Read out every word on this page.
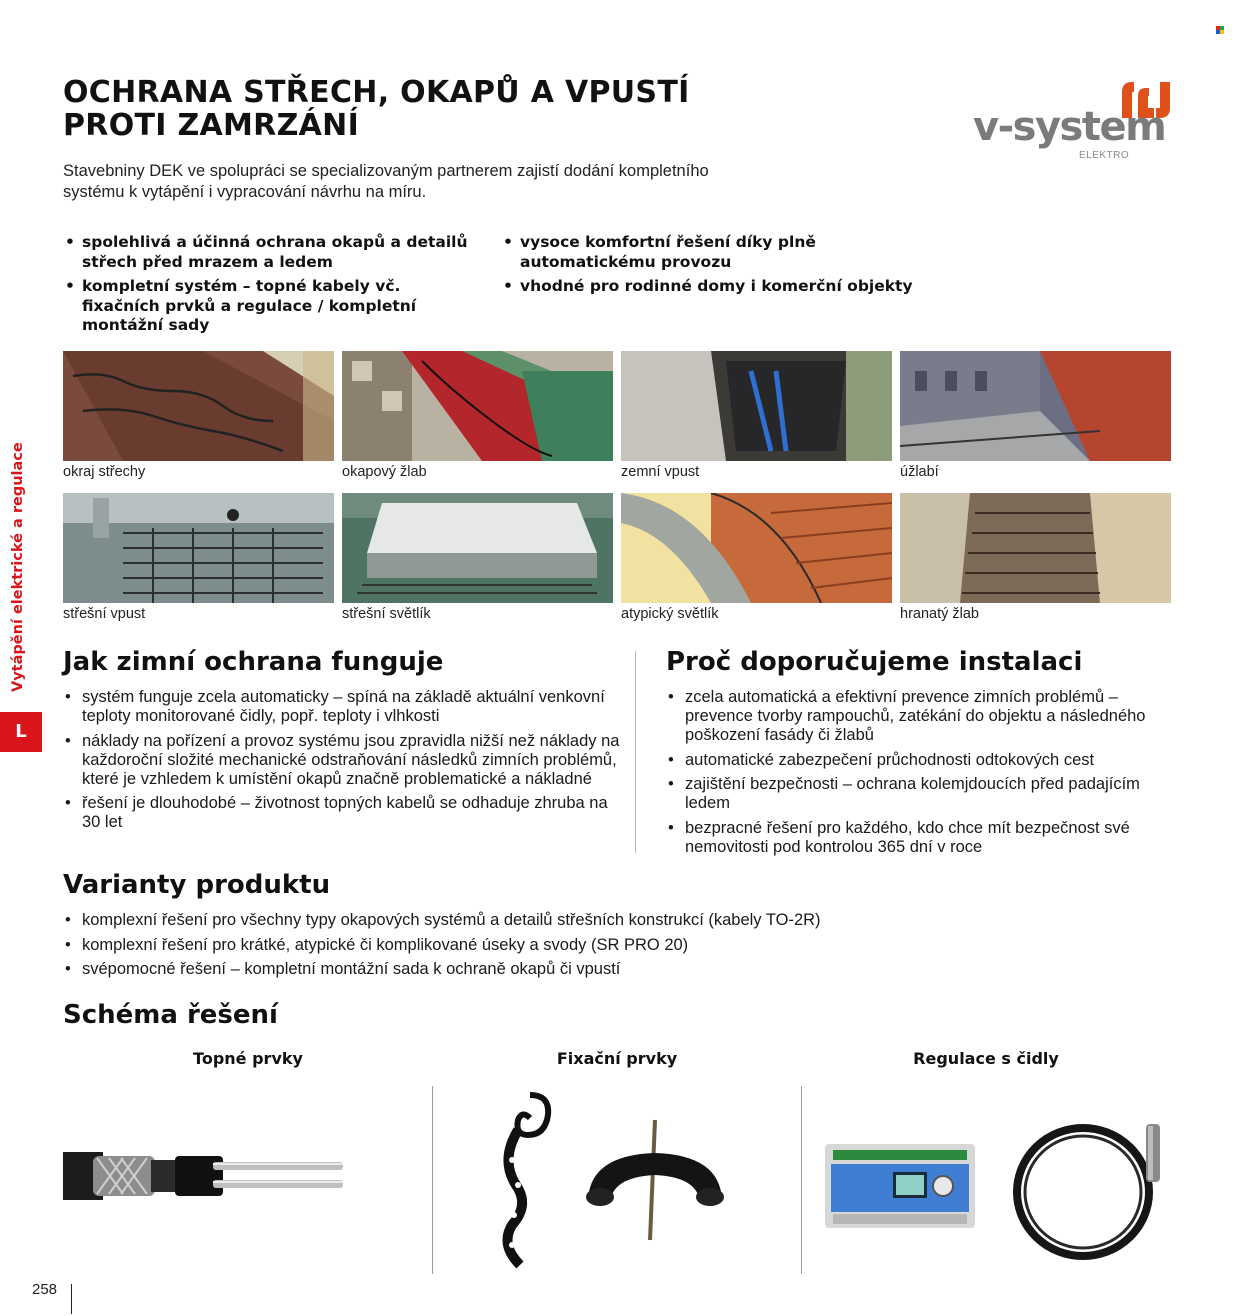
OCHRANA STŘECH, OKAPŮ A VPUSTÍ
PROTI ZAMRZÁNÍ
Stavebniny DEK ve spolupráci se specializovaným partnerem zajistí dodání kompletního
systému k vytápění i vypracování návrhu na míru.
v-system
ELEKTRO
• spolehlivá a účinná ochrana okapů a detailů střech před mrazem a ledem
• kompletní systém – topné kabely vč. fixačních prvků a regulace / kompletní montážní sady
• vysoce komfortní řešení díky plně automatickému provozu
• vhodné pro rodinné domy i komerční objekty
okraj střechy	okapový žlab	zemní vpust	úžlabí
střešní vpust	střešní světlík	atypický světlík	hranatý žlab
Vytápění elektrické a regulace
L
Jak zimní ochrana funguje
• systém funguje zcela automaticky – spíná na základě aktuální venkovní teploty monitorované čidly, popř. teploty i vlhkosti
• náklady na pořízení a provoz systému jsou zpravidla nižší než náklady na každoroční složité mechanické odstraňování následků zimních problémů, které je vzhledem k umístění okapů značně problematické a nákladné
• řešení je dlouhodobé – životnost topných kabelů se odhaduje zhruba na 30 let
Proč doporučujeme instalaci
• zcela automatická a efektivní prevence zimních problémů – prevence tvorby rampouchů, zatékání do objektu a následného poškození fasády či žlabů
• automatické zabezpečení průchodnosti odtokových cest
• zajištění bezpečnosti – ochrana kolemjdoucích před padajícím ledem
• bezpracné řešení pro každého, kdo chce mít bezpečnost své nemovitosti pod kontrolou 365 dní v roce
Varianty produktu
• komplexní řešení pro všechny typy okapových systémů a detailů střešních konstrukcí (kabely TO-2R)
• komplexní řešení pro krátké, atypické či komplikované úseky a svody (SR PRO 20)
• svépomocné řešení – kompletní montážní sada k ochraně okapů či vpustí
Schéma řešení
Topné prvky	Fixační prvky	Regulace s čidly
258
